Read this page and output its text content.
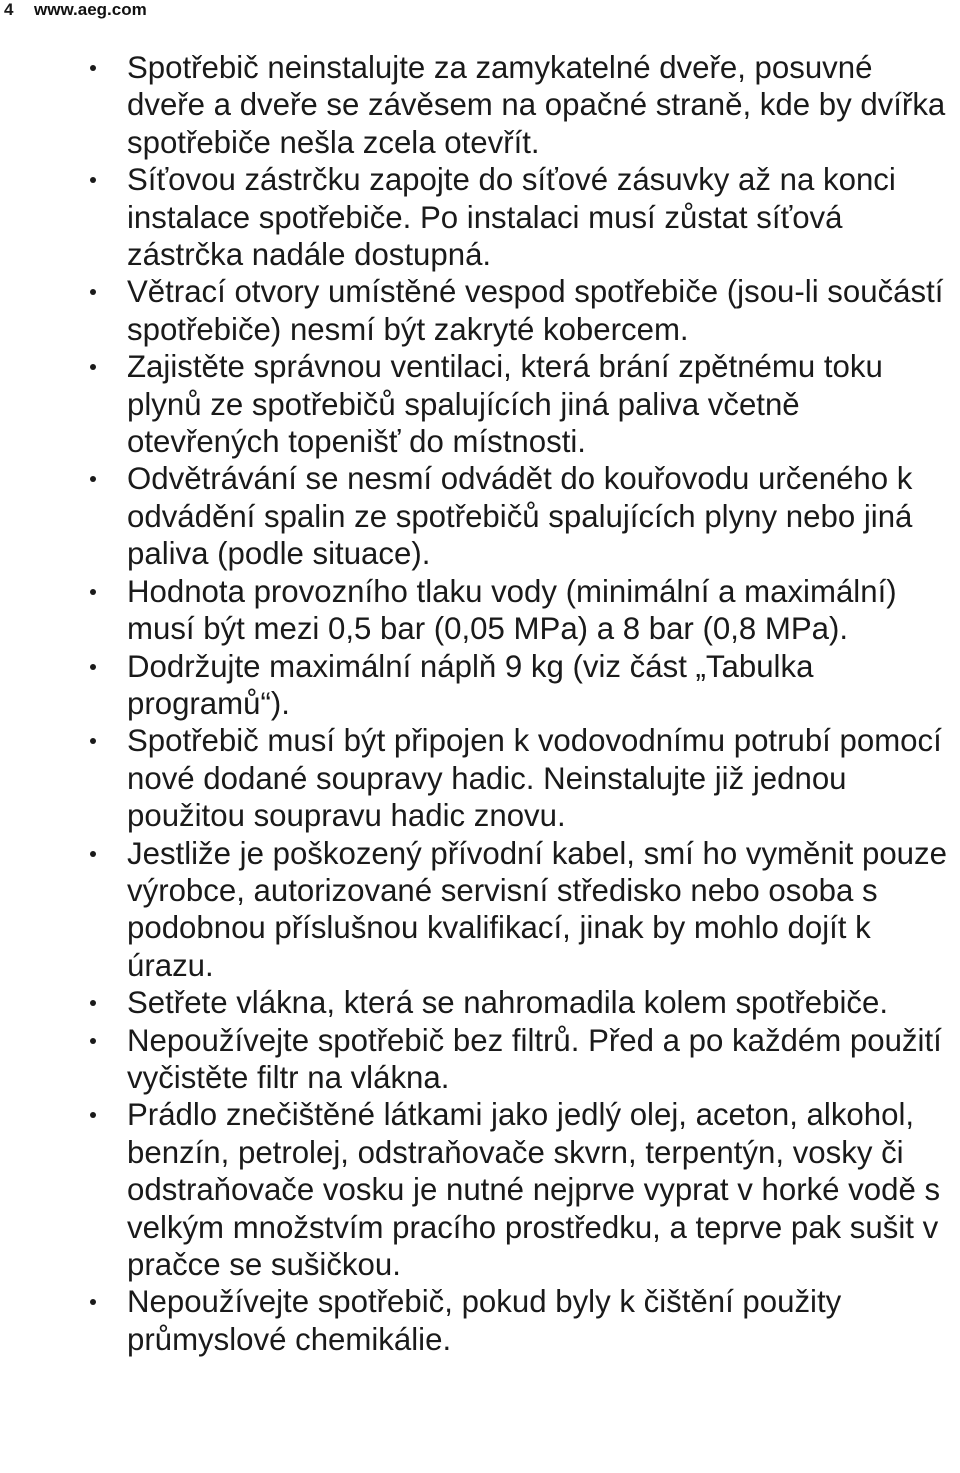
4	www.aeg.com
Spotřebič neinstalujte za zamykatelné dveře, posuvné dveře a dveře se závěsem na opačné straně, kde by dvířka spotřebiče nešla zcela otevřít.
Síťovou zástrčku zapojte do síťové zásuvky až na konci instalace spotřebiče. Po instalaci musí zůstat síťová zástrčka nadále dostupná.
Větrací otvory umístěné vespod spotřebiče (jsou-li součástí spotřebiče) nesmí být zakryté kobercem.
Zajistěte správnou ventilaci, která brání zpětnému toku plynů ze spotřebičů spalujících jiná paliva včetně otevřených topenišť do místnosti.
Odvětrávání se nesmí odvádět do kouřovodu určeného k odvádění spalin ze spotřebičů spalujících plyny nebo jiná paliva (podle situace).
Hodnota provozního tlaku vody (minimální a maximální) musí být mezi 0,5 bar (0,05 MPa) a 8 bar (0,8 MPa).
Dodržujte maximální náplň 9 kg (viz část „Tabulka programů“).
Spotřebič musí být připojen k vodovodnímu potrubí pomocí nové dodané soupravy hadic. Neinstalujte již jednou použitou soupravu hadic znovu.
Jestliže je poškozený přívodní kabel, smí ho vyměnit pouze výrobce, autorizované servisní středisko nebo osoba s podobnou příslušnou kvalifikací, jinak by mohlo dojít k úrazu.
Setřete vlákna, která se nahromadila kolem spotřebiče.
Nepoužívejte spotřebič bez filtrů. Před a po každém použití vyčistěte filtr na vlákna.
Prádlo znečištěné látkami jako jedlý olej, aceton, alkohol, benzín, petrolej, odstraňovače skvrn, terpentýn, vosky či odstraňovače vosku je nutné nejprve vyprat v horké vodě s velkým množstvím pracího prostředku, a teprve pak sušit v pračce se sušičkou.
Nepoužívejte spotřebič, pokud byly k čištění použity průmyslové chemikálie.
